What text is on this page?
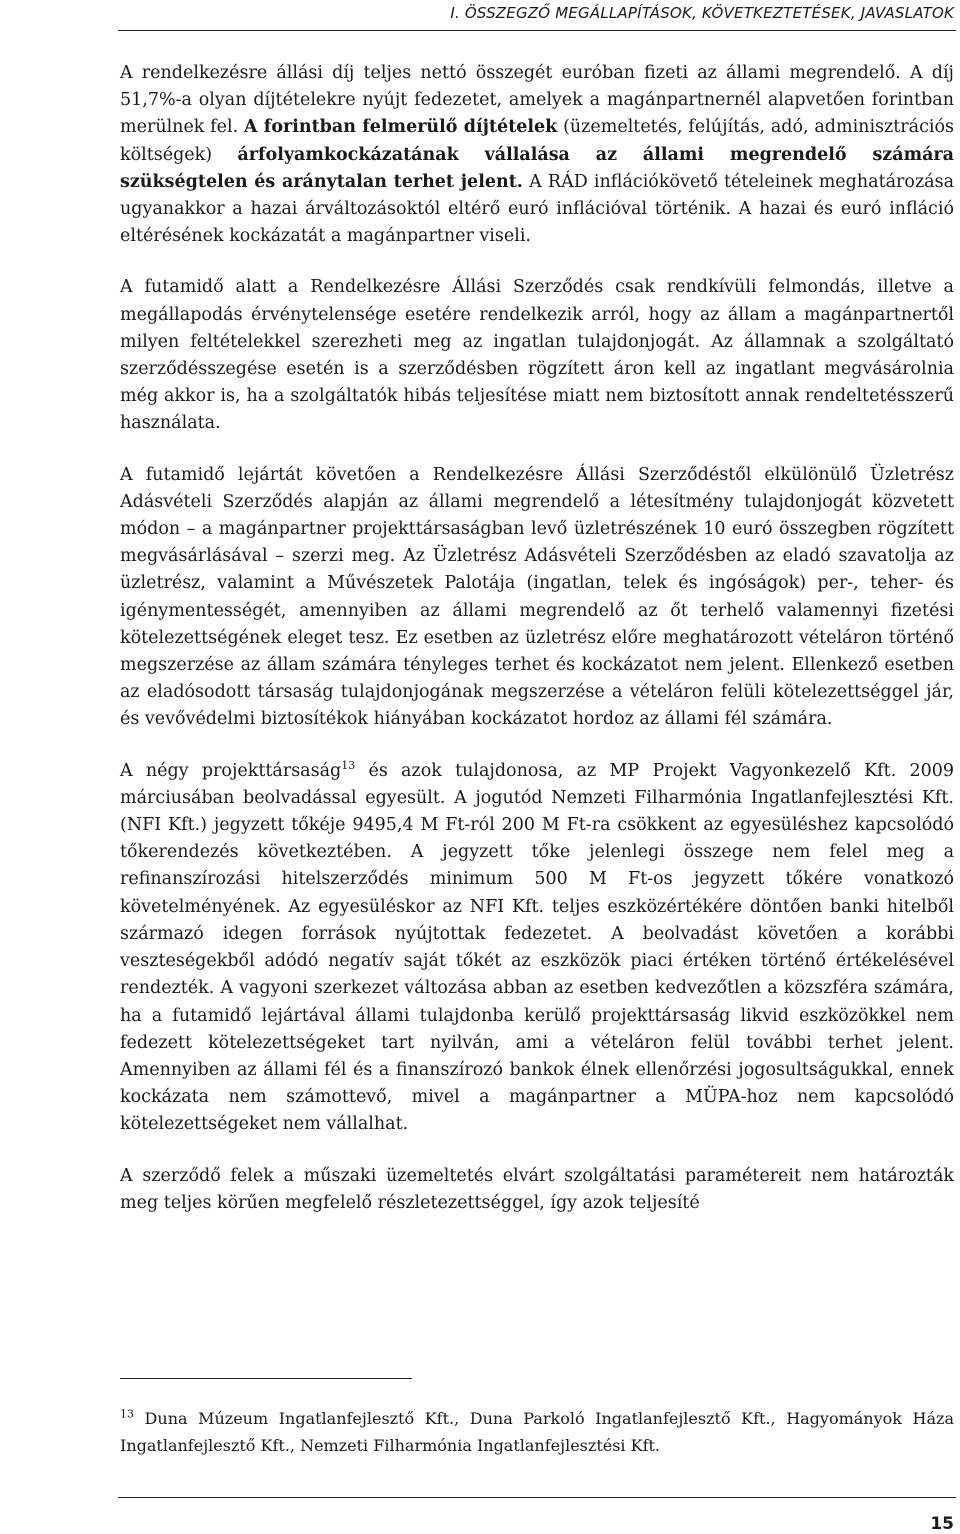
I. ÖSSZEGZŐ MEGÁLLAPÍTÁSOK, KÖVETKEZTETÉSEK, JAVASLATOK

A rendelkezésre állási díj teljes nettó összegét euróban fizeti az állami megrendelő. A díj 51,7%-a olyan díjtételekre nyújt fedezetet, amelyek a magánpartnernél alapvetően forintban merülnek fel. A forintban felmerülő díjtételek (üzemeltetés, felújítás, adó, adminisztrációs költségek) árfolyamkockázatának vállalása az állami megrendelő számára szükségtelen és aránytalan terhet jelent. A RÁD inflációkövető tételeinek meghatározása ugyanakkor a hazai árváltozásoktól eltérő euró inflációval történik. A hazai és euró infláció eltérésének kockázatát a magánpartner viseli.

A futamidő alatt a Rendelkezésre Állási Szerződés csak rendkívüli felmondás, illetve a megállapodás érvénytelensége esetére rendelkezik arról, hogy az állam a magánpartnertől milyen feltételekkel szerezheti meg az ingatlan tulajdonjogát. Az államnak a szolgáltató szerződésszegése esetén is a szerződésben rögzített áron kell az ingatlant megvásárolnia még akkor is, ha a szolgáltatók hibás teljesítése miatt nem biztosított annak rendeltetésszerű használata.

A futamidő lejártát követően a Rendelkezésre Állási Szerződéstől elkülönülő Üzletrész Adásvételi Szerződés alapján az állami megrendelő a létesítmény tulajdonjogát közvetett módon – a magánpartner projekttársaságban levő üzletrészének 10 euró összegben rögzített megvásárlásával – szerzi meg. Az Üzletrész Adásvételi Szerződésben az eladó szavatolja az üzletrész, valamint a Művészetek Palotája (ingatlan, telek és ingóságok) per-, teher- és igénymentességét, amennyiben az állami megrendelő az őt terhelő valamennyi fizetési kötelezettségének eleget tesz. Ez esetben az üzletrész előre meghatározott vételáron történő megszerzése az állam számára tényleges terhet és kockázatot nem jelent. Ellenkező esetben az eladósodott társaság tulajdonjogának megszerzése a vételáron felüli kötelezettséggel jár, és vevővédelmi biztosítékok hiányában kockázatot hordoz az állami fél számára.

A négy projekttársaság$^{13}$ és azok tulajdonosa, az MP Projekt Vagyonkezelő Kft. 2009 márciusában beolvadással egyesült. A jogutód Nemzeti Filharmónia Ingatlanfejlesztési Kft. (NFI Kft.) jegyzett tőkéje 9495,4 M Ft-ról 200 M Ft-ra csökkent az egyesüléshez kapcsolódó tőkerendezés következtében. A jegyzett tőke jelenlegi összege nem felel meg a refinanszírozási hitelszerződés minimum 500 M Ft-os jegyzett tőkére vonatkozó követelményének. Az egyesüléskor az NFI Kft. teljes eszközértékére döntően banki hitelből származó idegen források nyújtottak fedezetet. A beolvadást követően a korábbi veszteségekből adódó negatív saját tőkét az eszközök piaci értéken történő értékelésével rendezték. A vagyoni szerkezet változása abban az esetben kedvezőtlen a közszféra számára, ha a futamidő lejártával állami tulajdonba kerülő projekttársaság likvid eszközökkel nem fedezett kötelezettségeket tart nyilván, ami a vételáron felül további terhet jelent. Amennyiben az állami fél és a finanszírozó bankok élnek ellenőrzési jogosultságukkal, ennek kockázata nem számottevő, mivel a magánpartner a MÜPA-hoz nem kapcsolódó kötelezettségeket nem vállalhat.

A szerződő felek a műszaki üzemeltetés elvárt szolgáltatási paramétereit nem határozták meg teljes körűen megfelelő részletezettséggel, így azok teljesíté

$^{13}$ Duna Múzeum Ingatlanfejlesztő Kft., Duna Parkoló Ingatlanfejlesztő Kft., Hagyományok Háza Ingatlanfejlesztő Kft., Nemzeti Filharmónia Ingatlanfejlesztési Kft.

15
